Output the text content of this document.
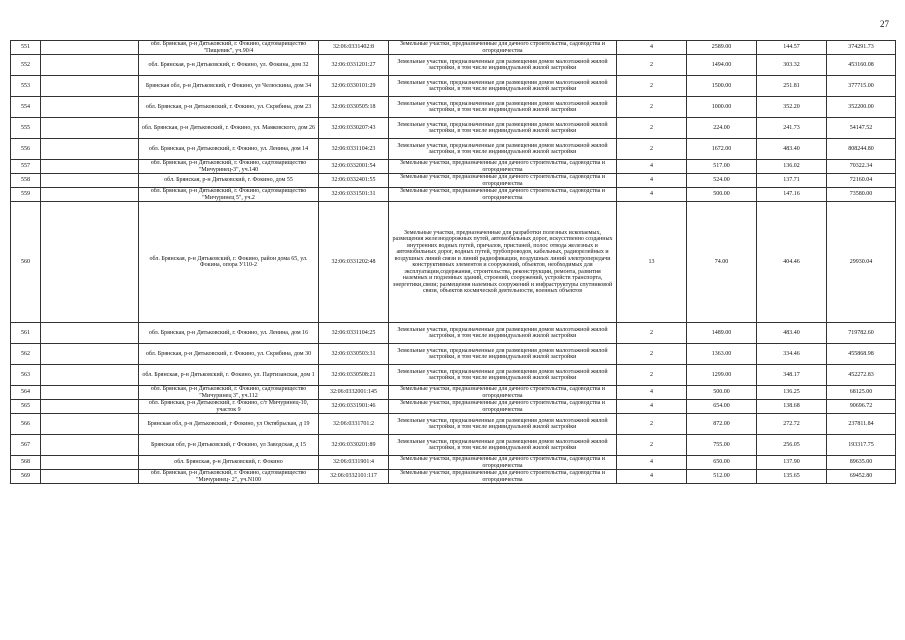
27
551		обл. Брянская, р-н Дятьковский, г. Фокино, садтоварищество "Пищевик", уч.90/4	32:06:0331402:8	Земельные участки, предназначенные для дачного строительства, садоводства и огородничества	4	2589.00	144.57	374291.73
552		обл. Брянская, р-н Дятьковский, г. Фокино, ул. Фокина, дом 32	32:06:0331201:27	Земельные участки, предназначенные для размещения домов малоэтажной жилой застройки, в том числе индивидуальной жилой застройки	2	1494.00	303.32	453160.08
553		Брянская обл, р-н Дятьковский, г Фокино, ул Челюскина, дом 34	32:06:0330101:29	Земельные участки, предназначенные для размещения домов малоэтажной жилой застройки, в том числе индивидуальной жилой застройки	2	1500.00	251.81	377715.00
554		обл. Брянская, р-н Дятьковский, г. Фокино, ул. Скрябина, дом 23	32:06:0330505:18	Земельные участки, предназначенные для размещения домов малоэтажной жилой застройки, в том числе индивидуальной жилой застройки	2	1000.00	352.20	352200.00
555		обл. Брянская, р-н Дятьковский, г. Фокино, ул. Маяковского, дом 26	32:06:0330207:43	Земельные участки, предназначенные для размещения домов малоэтажной жилой застройки, в том числе индивидуальной жилой застройки	2	224.00	241.73	54147.52
556		обл. Брянская, р-н Дятьковский, г. Фокино, ул. Ленина, дом 14	32:06:0331104:23	Земельные участки, предназначенные для размещения домов малоэтажной жилой застройки, в том числе индивидуальной жилой застройки	2	1672.00	483.40	808244.80
557		обл. Брянская, р-н Дятьковский, г. Фокино, садтоварищество "Мичуринец-3", уч.140	32:06:0332001:54	Земельные участки, предназначенные для дачного строительства, садоводства и огородничества	4	517.00	136.02	70322.34
558		обл. Брянская, р-н Дятьковский, г. Фокино, дом 55	32:06:0332401:55	Земельные участки, предназначенные для дачного строительства, садоводства и огородничества	4	524.00	137.71	72160.04
559		обл. Брянская, р-н Дятьковский, г. Фокино, садтоварищество "Мичуринец 5", уч.2	32:06:0331501:31	Земельные участки, предназначенные для дачного строительства, садоводства и огородничества	4	500.00	147.16	73580.00
560		обл. Брянская, р-н Дятьковский, г. Фокино, район дома 65, ул. Фокина, опора У110-2	32:06:0331202:48	Земельные участки, предназначенные для разработки полезных ископаемых, размещения железнодорожных путей, автомобильных дорог, искусственно созданных внутренних водных путей, причалов, пристаней, полос отвода железных и автомобильных дорог, водных путей, трубопроводов, кабельных, радиорелейных и воздушных линий связи и линий радиофикации, воздушных линий электропередачи конструктивных элементов и сооружений, объектов, необходимых для эксплуатации,содержания, строительства, реконструкции, ремонта, развития наземных и подземных зданий, строений, сооружений, устройств транспорта, энергетики,связи; размещения наземных сооружений и инфраструктуры спутниковой связи, объектов космической деятельности, военных объектов	13	74.00	404.46	29930.04
561		обл. Брянская, р-н Дятьковский, г. Фокино, ул. Ленина, дом 16	32:06:0331104:25	Земельные участки, предназначенные для размещения домов малоэтажной жилой застройки, в том числе индивидуальной жилой застройки	2	1489.00	483.40	719782.60
562		обл. Брянская, р-н Дятьковский, г. Фокино, ул. Скрябина, дом 30	32:06:0330503:31	Земельные участки, предназначенные для размещения домов малоэтажной жилой застройки, в том числе индивидуальной жилой застройки	2	1363.00	334.46	455868.98
563		обл. Брянская, р-н Дятьковский, г. Фокино, ул. Партизанская, дом 1	32:06:0330508:21	Земельные участки, предназначенные для размещения домов малоэтажной жилой застройки, в том числе индивидуальной жилой застройки	2	1299.00	348.17	452272.83
564		обл. Брянская, р-н Дятьковский, г. Фокино, садтоварищество "Мичуринец 3", уч.112	32:06:0332001:145	Земельные участки, предназначенные для дачного строительства, садоводства и огородничества	4	500.00	136.25	68125.00
565		обл. Брянская, р-н Дятьковский, г. Фокино, с/т Мичуринец-10, участок 9	32:06:0331901:46	Земельные участки, предназначенные для дачного строительства, садоводства и огородничества	4	654.00	138.68	90696.72
566		Брянская обл, р-н Дятьковский, г Фокино, ул Октябрьская, д 19	32:06:0331701:2	Земельные участки, предназначенные для размещения домов малоэтажной жилой застройки, в том числе индивидуальной жилой застройки	2	872.00	272.72	237811.84
567		Брянская обл, р-н Дятьковский, г Фокино, ул Заводская, д 15	32:06:0330201:89	Земельные участки, предназначенные для размещения домов малоэтажной жилой застройки, в том числе индивидуальной жилой застройки	2	755.00	256.05	193317.75
568		обл. Брянская, р-н Дятьковский, г. Фокино	32:06:0331901:4	Земельные участки, предназначенные для дачного строительства, садоводства и огородничества	4	650.00	137.90	89635.00
569		обл. Брянская, р-н Дятьковский, г. Фокино, садтоварищество "Мичуринец- 2", уч.N100	32:06:0332101:117	Земельные участки, предназначенные для дачного строительства, садоводства и огородничества	4	512.00	135.65	69452.80
